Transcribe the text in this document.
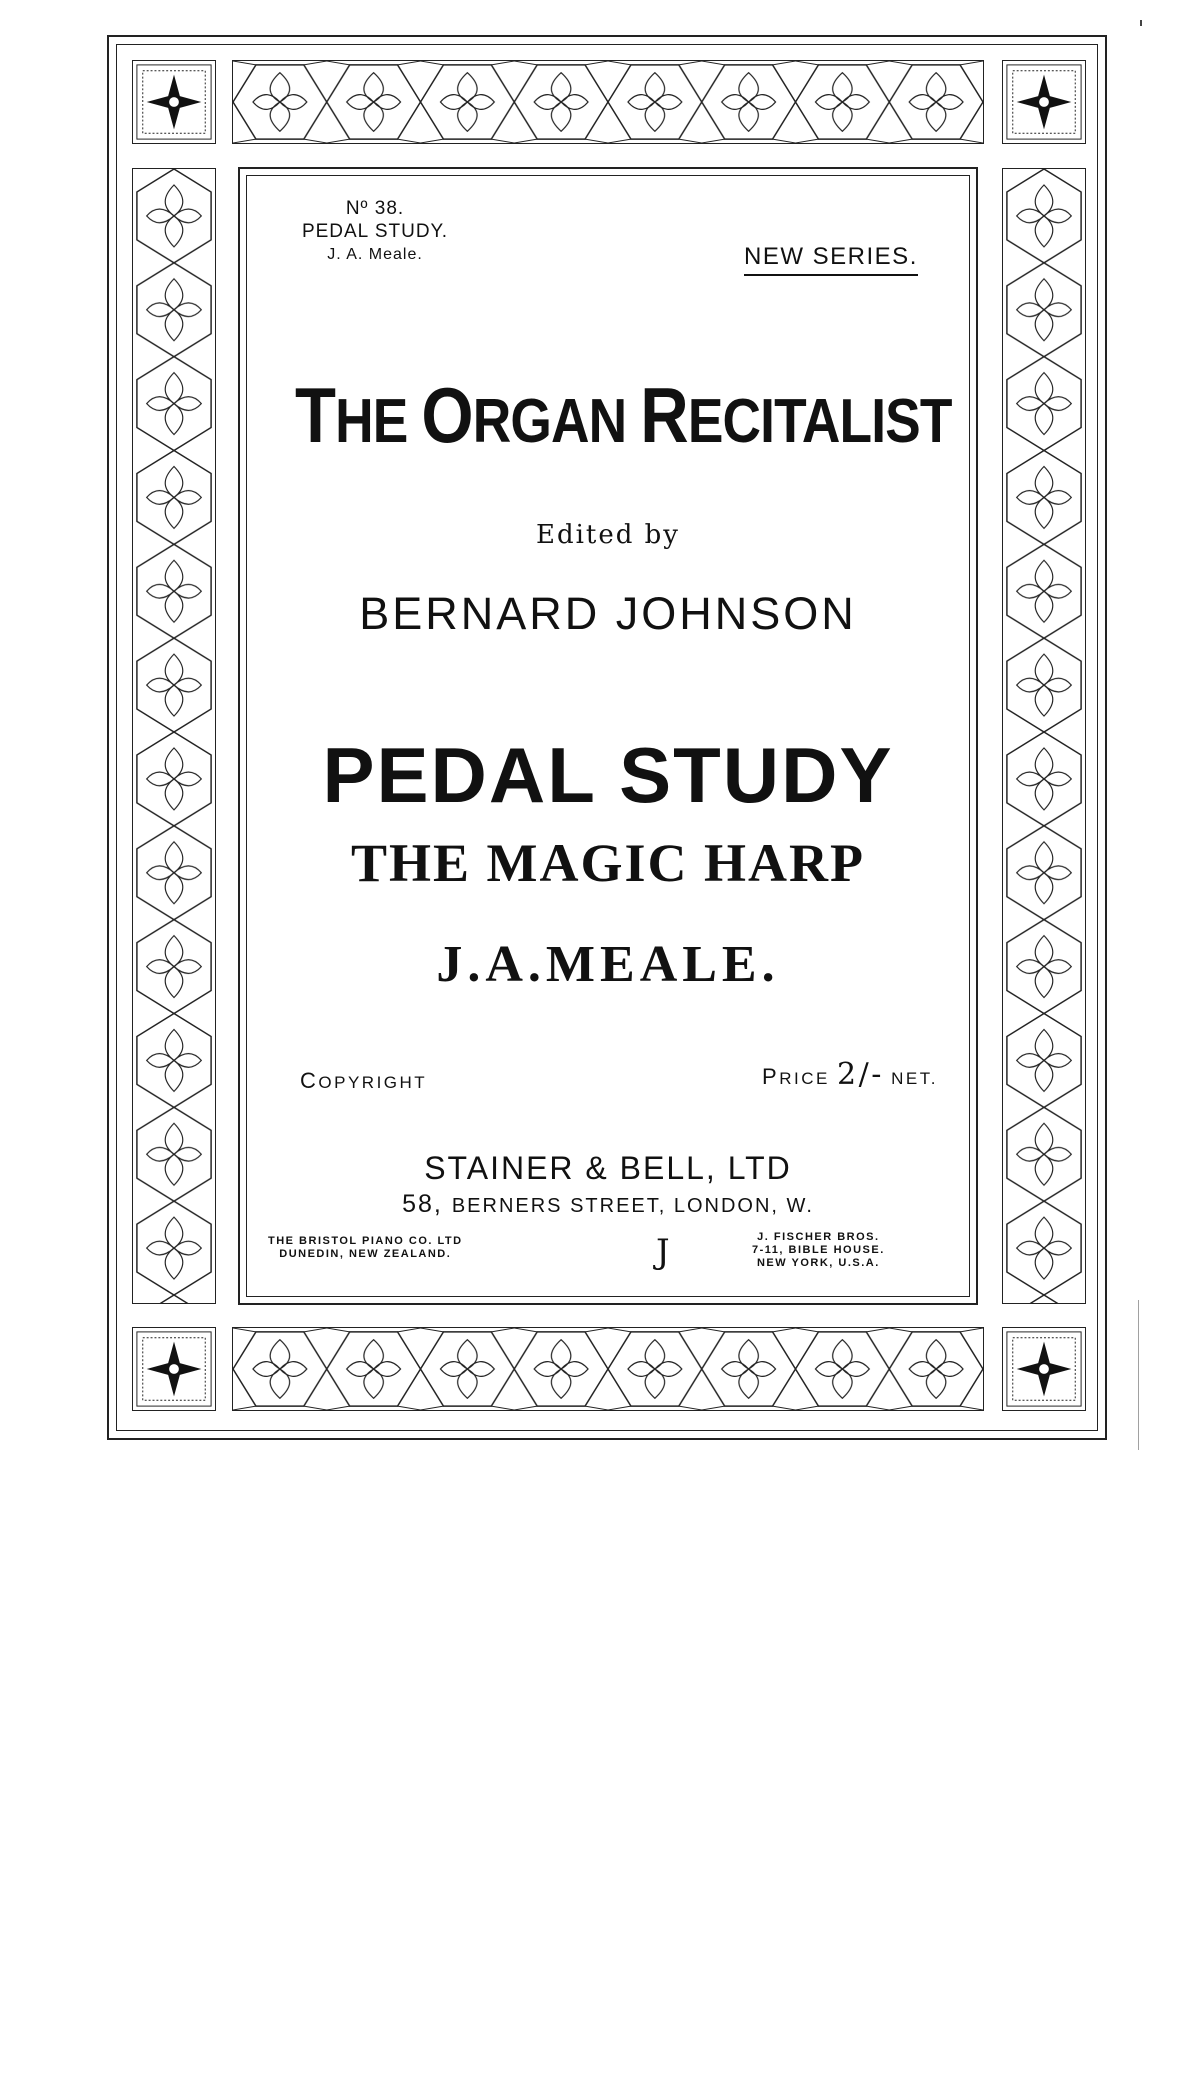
Nº 38.
PEDAL STUDY.
J. A. Meale.	NEW SERIES.
THE ORGAN RECITALIST
Edited by
BERNARD JOHNSON
PEDAL STUDY
THE MAGIC HARP
J.A.MEALE.
COPYRIGHT	PRICE 2/- NET.
STAINER & BELL, LTD
58, BERNERS STREET, LONDON, W.
THE BRISTOL PIANO CO. LTD
DUNEDIN, NEW ZEALAND.	J	J. FISCHER BROS.
7-11, BIBLE HOUSE.
NEW YORK, U.S.A.
